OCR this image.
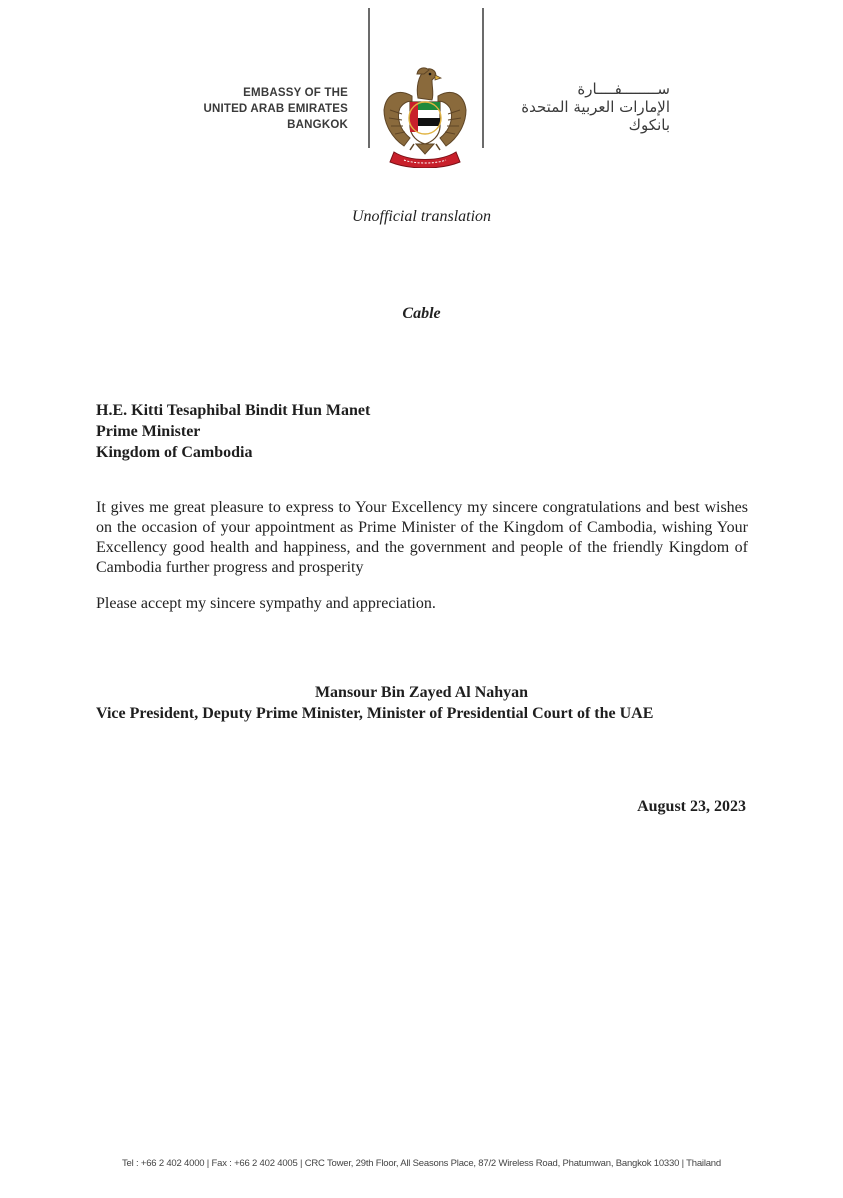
EMBASSY OF THE
UNITED ARAB EMIRATES
BANGKOK
ســــــــفــــارة
الإمارات العربية المتحدة
بانكوك
Unofficial translation
Cable
H.E. Kitti Tesaphibal Bindit Hun Manet
Prime Minister
Kingdom of Cambodia
It gives me great pleasure to express to Your Excellency my sincere congratulations and best wishes on the occasion of your appointment as Prime Minister of the Kingdom of Cambodia, wishing Your Excellency good health and happiness, and the government and people of the friendly Kingdom of Cambodia further progress and prosperity
Please accept my sincere sympathy and appreciation.
Mansour Bin Zayed Al Nahyan
Vice President, Deputy Prime Minister, Minister of Presidential Court of the UAE
August 23, 2023
Tel : +66 2 402 4000 | Fax : +66 2 402 4005 | CRC Tower, 29th Floor, All Seasons Place, 87/2 Wireless Road, Phatumwan, Bangkok 10330 | Thailand
